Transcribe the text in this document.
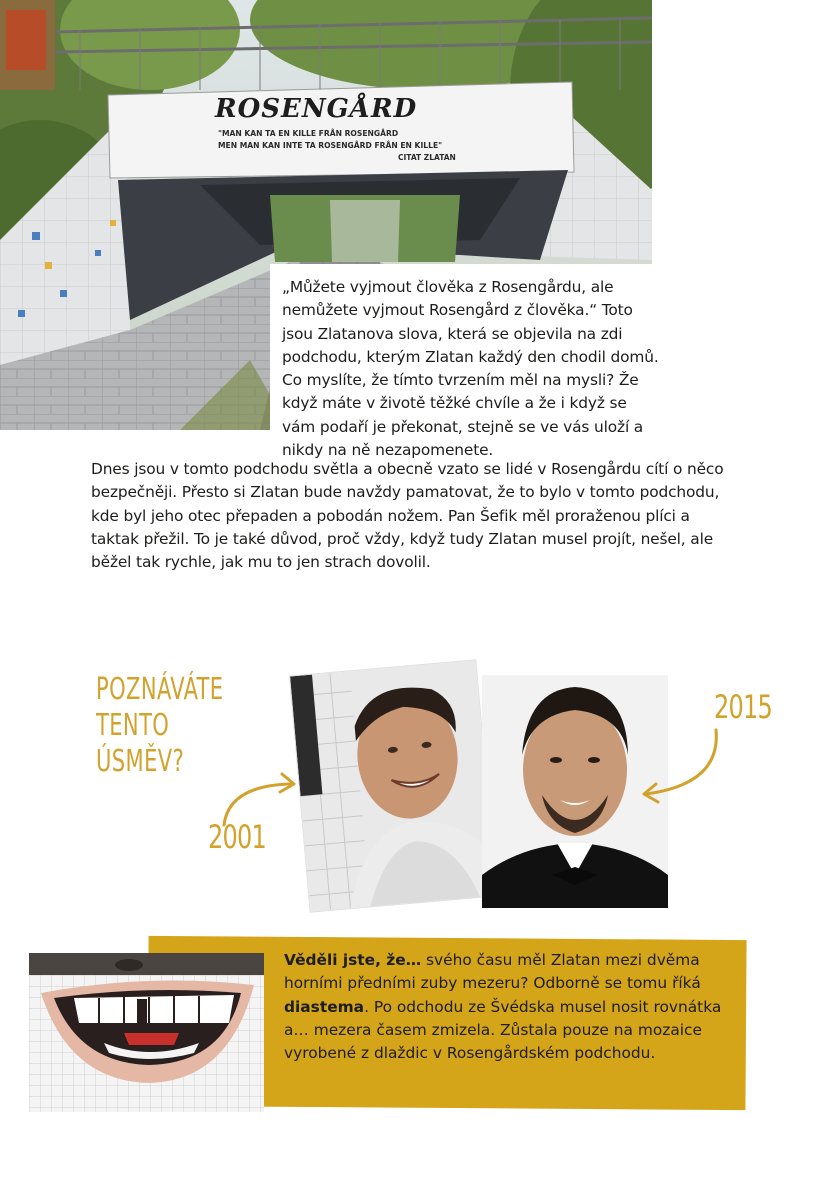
ROSENGÅRD
"MAN KAN TA EN KILLE FRÅN ROSENGÅRD
MEN MAN KAN INTE TA ROSENGÅRD FRÅN EN KILLE"
CITAT ZLATAN

„Můžete vyjmout člověka z Rosengårdu, ale nemůžete vyjmout Rosengård z člověka.“ Toto jsou Zlatanova slova, která se objevila na zdi podchodu, kterým Zlatan každý den chodil domů. Co myslíte, že tímto tvrzením měl na mysli? Že když máte v životě těžké chvíle a že i když se vám podaří je překonat, stejně se ve vás uloží a nikdy na ně nezapomenete.

Dnes jsou v tomto podchodu světla a obecně vzato se lidé v Rosengårdu cítí o něco bezpečněji. Přesto si Zlatan bude navždy pamatovat, že to bylo v tomto podchodu, kde byl jeho otec přepaden a pobodán nožem. Pan Šefik měl proraženou plíci a taktak přežil. To je také důvod, proč vždy, když tudy Zlatan musel projít, nešel, ale běžel tak rychle, jak mu to jen strach dovolil.

POZNÁVÁTE
TENTO ÚSMĚV?
2001
2015

Věděli jste, že… svého času měl Zlatan mezi dvěma horními předními zuby mezeru? Odborně se tomu říká diastema. Po odchodu ze Švédska musel nosit rovnátka a… mezera časem zmizela. Zůstala pouze na mozaice vyrobené z dlaždic v Rosengårdském podchodu.
